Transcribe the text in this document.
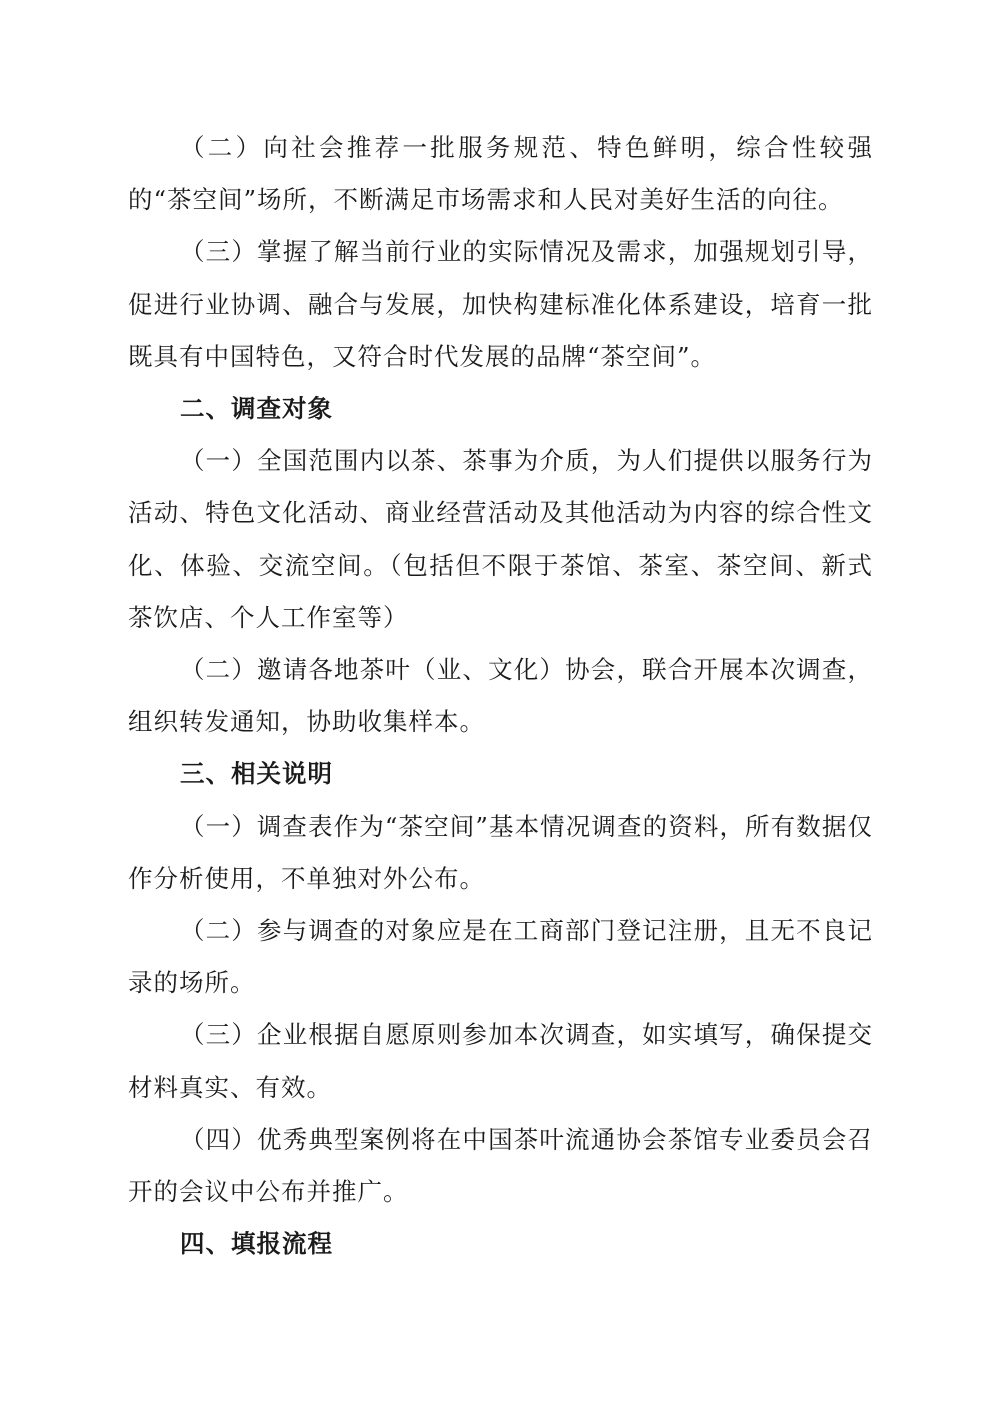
（二）向社会推荐一批服务规范、特色鲜明，综合性较强的“茶空间”场所，不断满足市场需求和人民对美好生活的向往。

（三）掌握了解当前行业的实际情况及需求，加强规划引导，促进行业协调、融合与发展，加快构建标准化体系建设，培育一批既具有中国特色，又符合时代发展的品牌“茶空间”。

二、调查对象

（一）全国范围内以茶、茶事为介质，为人们提供以服务行为活动、特色文化活动、商业经营活动及其他活动为内容的综合性文化、体验、交流空间。（包括但不限于茶馆、茶室、茶空间、新式茶饮店、个人工作室等）

（二）邀请各地茶叶（业、文化）协会，联合开展本次调查，组织转发通知，协助收集样本。

三、相关说明

（一）调查表作为“茶空间”基本情况调查的资料，所有数据仅作分析使用，不单独对外公布。

（二）参与调查的对象应是在工商部门登记注册，且无不良记录的场所。

（三）企业根据自愿原则参加本次调查，如实填写，确保提交材料真实、有效。

（四）优秀典型案例将在中国茶叶流通协会茶馆专业委员会召开的会议中公布并推广。

四、填报流程
